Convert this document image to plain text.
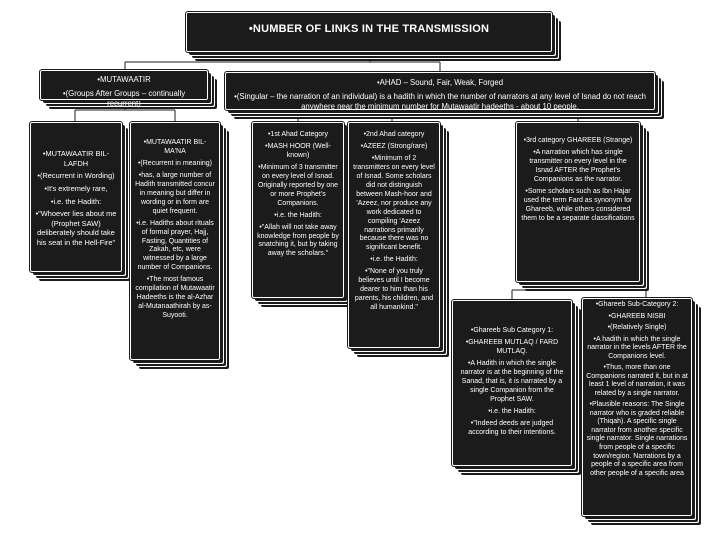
•NUMBER OF LINKS IN THE TRANSMISSION

•MUTAWAATIR

•(Groups After Groups – continually recurrent)

•AHAD – Sound, Fair, Weak, Forged

•(Singular – the narration of an individual) is a hadith in which the number of narrators at any level of Isnad do not reach anywhere near the minimum number for Mutawaatir hadeeths - about 10 people.

•MUTAWAATIR BIL-LAFDH

•(Recurrent in Wording)

•It's extremely rare,

•i.e. the Hadith:

•"Whoever lies about me (Prophet SAW) deliberately should take his seat in the Hell-Fire"

•MUTAWAATIR BIL-MA'NA

•(Recurrent in meaning)

•has, a large number of Hadith transmitted concur in meaning but differ in wording or in form are quiet frequent.

•i.e. Hadiths about rituals of formal prayer, Hajj, Fasting, Quantities of Zakah, etc, were witnessed by a large number of Companions.

•The most famous compilation of Mutawaatir Hadeeths is the al-Azhar al-Mutanaathirah by as-Suyooti.

•1st Ahad Category

•MASH HOOR (Well-known)

•Minimum of 3 transmitter on every level of Isnad. Originally reported by one or more Prophet's Companions.

•i.e. the Hadith:

•"Allah will not take away knowledge from people by snatching it, but by taking away the scholars."

•2nd Ahad category

•AZEEZ (Strong/rare)

•Minimum of 2 transmitters on every level of Isnad. Some scholars did not distinguish between Mash-hoor and 'Azeez, nor produce any work dedicated to compiling 'Azeez narrations primarily because there was no significant benefit.

•i.e. the Hadith:

•"None of you truly believes until I become dearer to him than his parents, his children, and all humankind."

•3rd category GHAREEB (Strange)

•A narration which has single transmitter on every level in the Isnad AFTER the Prophet's Companions as the narrator.

•Some scholars such as Ibn Hajar used the term Fard as synonym for Ghareeb, while others considered them to be a separate classifications

•Ghareeb Sub Category 1:

•GHAREEB MUTLAQ / FARD MUTLAQ.

•A Hadith in which the single narrator is at the beginning of the Sanad, that is, it is narrated by a single Companion from the Prophet SAW.

•i.e. the Hadith:

•"Indeed deeds are judged according to their intentions.

•Ghareeb Sub-Category 2:

•GHAREEB NISBI

•(Relatively Single)

•A hadith in which the single narrator in the levels AFTER the Companions level.

•Thus, more than one Companions narrated it, but in at least 1 level of narration, it was related by a single narrator.

•Plausible reasons: The Single narrator who is graded reliable (Thiqah). A specific single narrator from another specific single narrator. Single narrations from people of a specific town/region. Narrations by a people of a specific area from other people of a specific area
